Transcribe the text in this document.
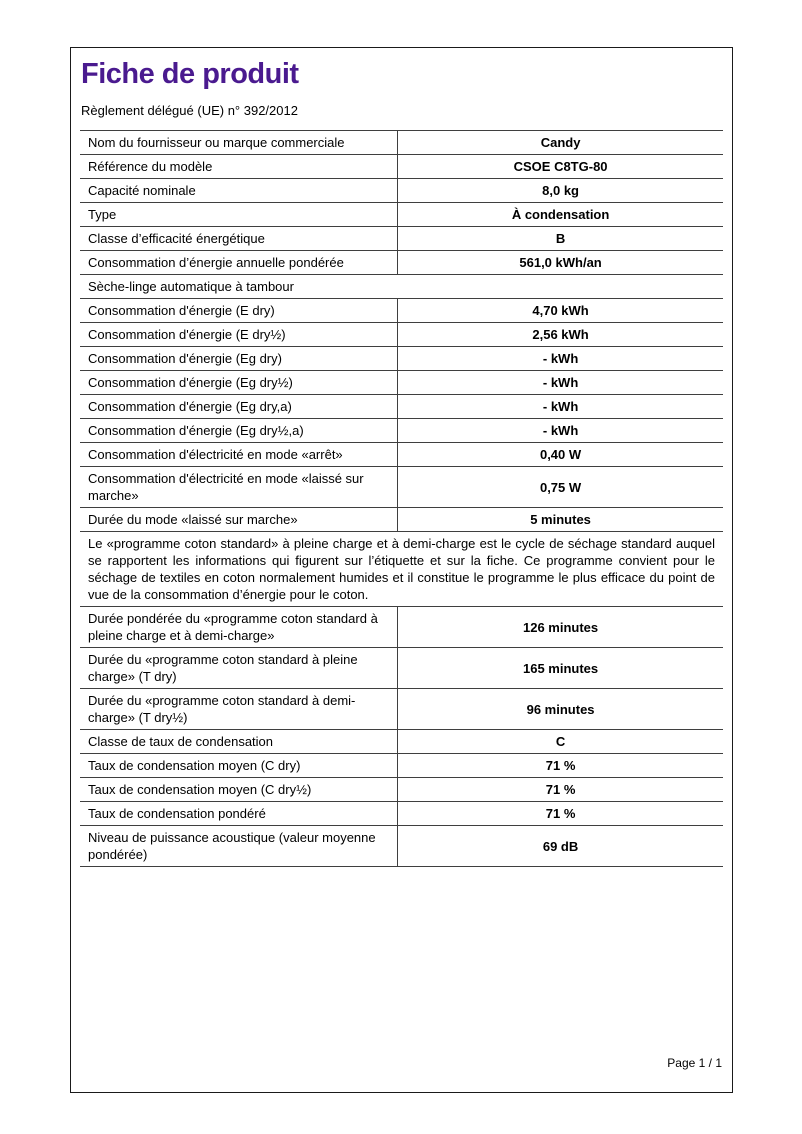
Fiche de produit
Règlement délégué (UE) n° 392/2012
Nom du fournisseur ou marque commerciale	Candy
Référence du modèle	CSOE C8TG-80
Capacité nominale	8,0 kg
Type	À condensation
Classe d’efficacité énergétique	B
Consommation d’énergie annuelle pondérée	561,0 kWh/an
Sèche-linge automatique à tambour	
Consommation d'énergie (E dry)	4,70 kWh
Consommation d'énergie (E dry½)	2,56 kWh
Consommation d'énergie (Eg dry)	- kWh
Consommation d'énergie (Eg dry½)	- kWh
Consommation d'énergie (Eg dry,a)	- kWh
Consommation d'énergie (Eg dry½,a)	- kWh
Consommation d'électricité en mode «arrêt»	0,40 W
Consommation d'électricité en mode «laissé sur marche»	0,75 W
Durée du mode «laissé sur marche»	5 minutes
Le «programme coton standard» à pleine charge et à demi-charge est le cycle de séchage standard auquel se rapportent les informations qui figurent sur l’étiquette et sur la fiche. Ce programme convient pour le séchage de textiles en coton normalement humides et il constitue le programme le plus efficace du point de vue de la consommation d’énergie pour le coton.	
Durée pondérée du «programme coton standard à pleine charge et à demi-charge»	126 minutes
Durée du «programme coton standard à pleine charge» (T dry)	165 minutes
Durée du «programme coton standard à demi-charge» (T dry½)	96 minutes
Classe de taux de condensation	C
Taux de condensation moyen (C dry)	71 %
Taux de condensation moyen (C dry½)	71 %
Taux de condensation pondéré	71 %
Niveau de puissance acoustique (valeur moyenne pondérée)	69 dB
Page 1 / 1
